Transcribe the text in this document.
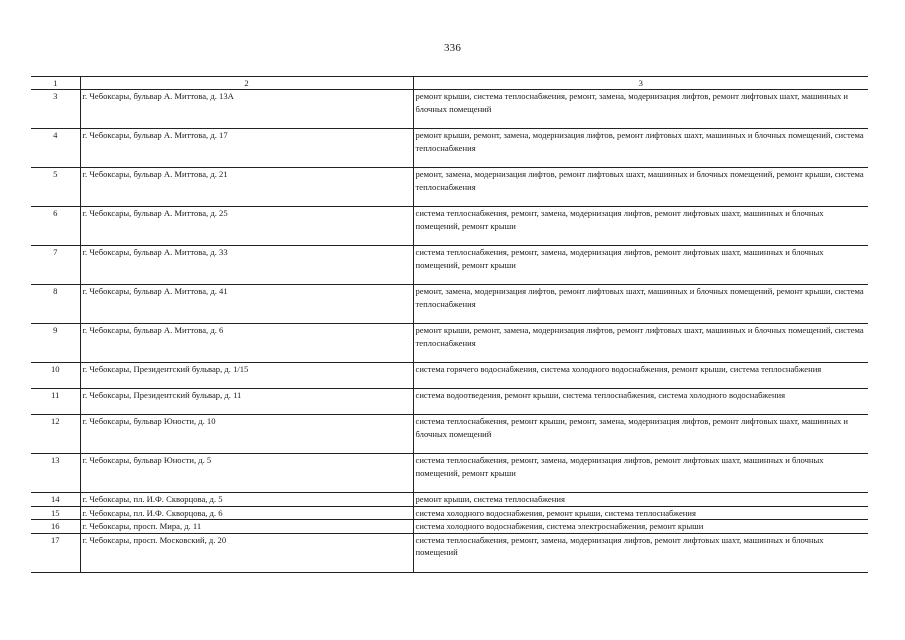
336
1	2	3
3	г. Чебоксары, бульвар А. Миттова, д. 13А	ремонт крыши, система теплоснабжения, ремонт, замена, модернизация лифтов, ремонт лифтовых шахт, машинных и блочных помещений
4	г. Чебоксары, бульвар А. Миттова, д. 17	ремонт крыши, ремонт, замена, модернизация лифтов, ремонт лифтовых шахт, машинных и блочных помещений, система теплоснабжения
5	г. Чебоксары, бульвар А. Миттова, д. 21	ремонт, замена, модернизация лифтов, ремонт лифтовых шахт, машинных и блочных помещений, ремонт крыши, система теплоснабжения
6	г. Чебоксары, бульвар А. Миттова, д. 25	система теплоснабжения, ремонт, замена, модернизация лифтов, ремонт лифтовых шахт, машинных и блочных помещений, ремонт крыши
7	г. Чебоксары, бульвар А. Миттова, д. 33	система теплоснабжения, ремонт, замена, модернизация лифтов, ремонт лифтовых шахт, машинных и блочных помещений, ремонт крыши
8	г. Чебоксары, бульвар А. Миттова, д. 41	ремонт, замена, модернизация лифтов, ремонт лифтовых шахт, машинных и блочных помещений, ремонт крыши, система теплоснабжения
9	г. Чебоксары, бульвар А. Миттова, д. 6	ремонт крыши, ремонт, замена, модернизация лифтов, ремонт лифтовых шахт, машинных и блочных помещений, система теплоснабжения
10	г. Чебоксары, Президентский бульвар, д. 1/15	система горячего водоснабжения, система холодного водоснабжения, ремонт крыши, система теплоснабжения
11	г. Чебоксары, Президентский бульвар, д. 11	система водоотведения, ремонт крыши, система теплоснабжения, система холодного водоснабжения
12	г. Чебоксары, бульвар Юности, д. 10	система теплоснабжения, ремонт крыши, ремонт, замена, модернизация лифтов, ремонт лифтовых шахт, машинных и блочных помещений
13	г. Чебоксары, бульвар Юности, д. 5	система теплоснабжения, ремонт, замена, модернизация лифтов, ремонт лифтовых шахт, машинных и блочных помещений, ремонт крыши
14	г. Чебоксары, пл. И.Ф. Скворцова, д. 5	ремонт крыши, система теплоснабжения
15	г. Чебоксары, пл. И.Ф. Скворцова, д. 6	система холодного водоснабжения, ремонт крыши, система теплоснабжения
16	г. Чебоксары, просп. Мира, д. 11	система холодного водоснабжения, система электроснабжения, ремонт крыши
17	г. Чебоксары, просп. Московский, д. 20	система теплоснабжения, ремонт, замена, модернизация лифтов, ремонт лифтовых шахт, машинных и блочных помещений
